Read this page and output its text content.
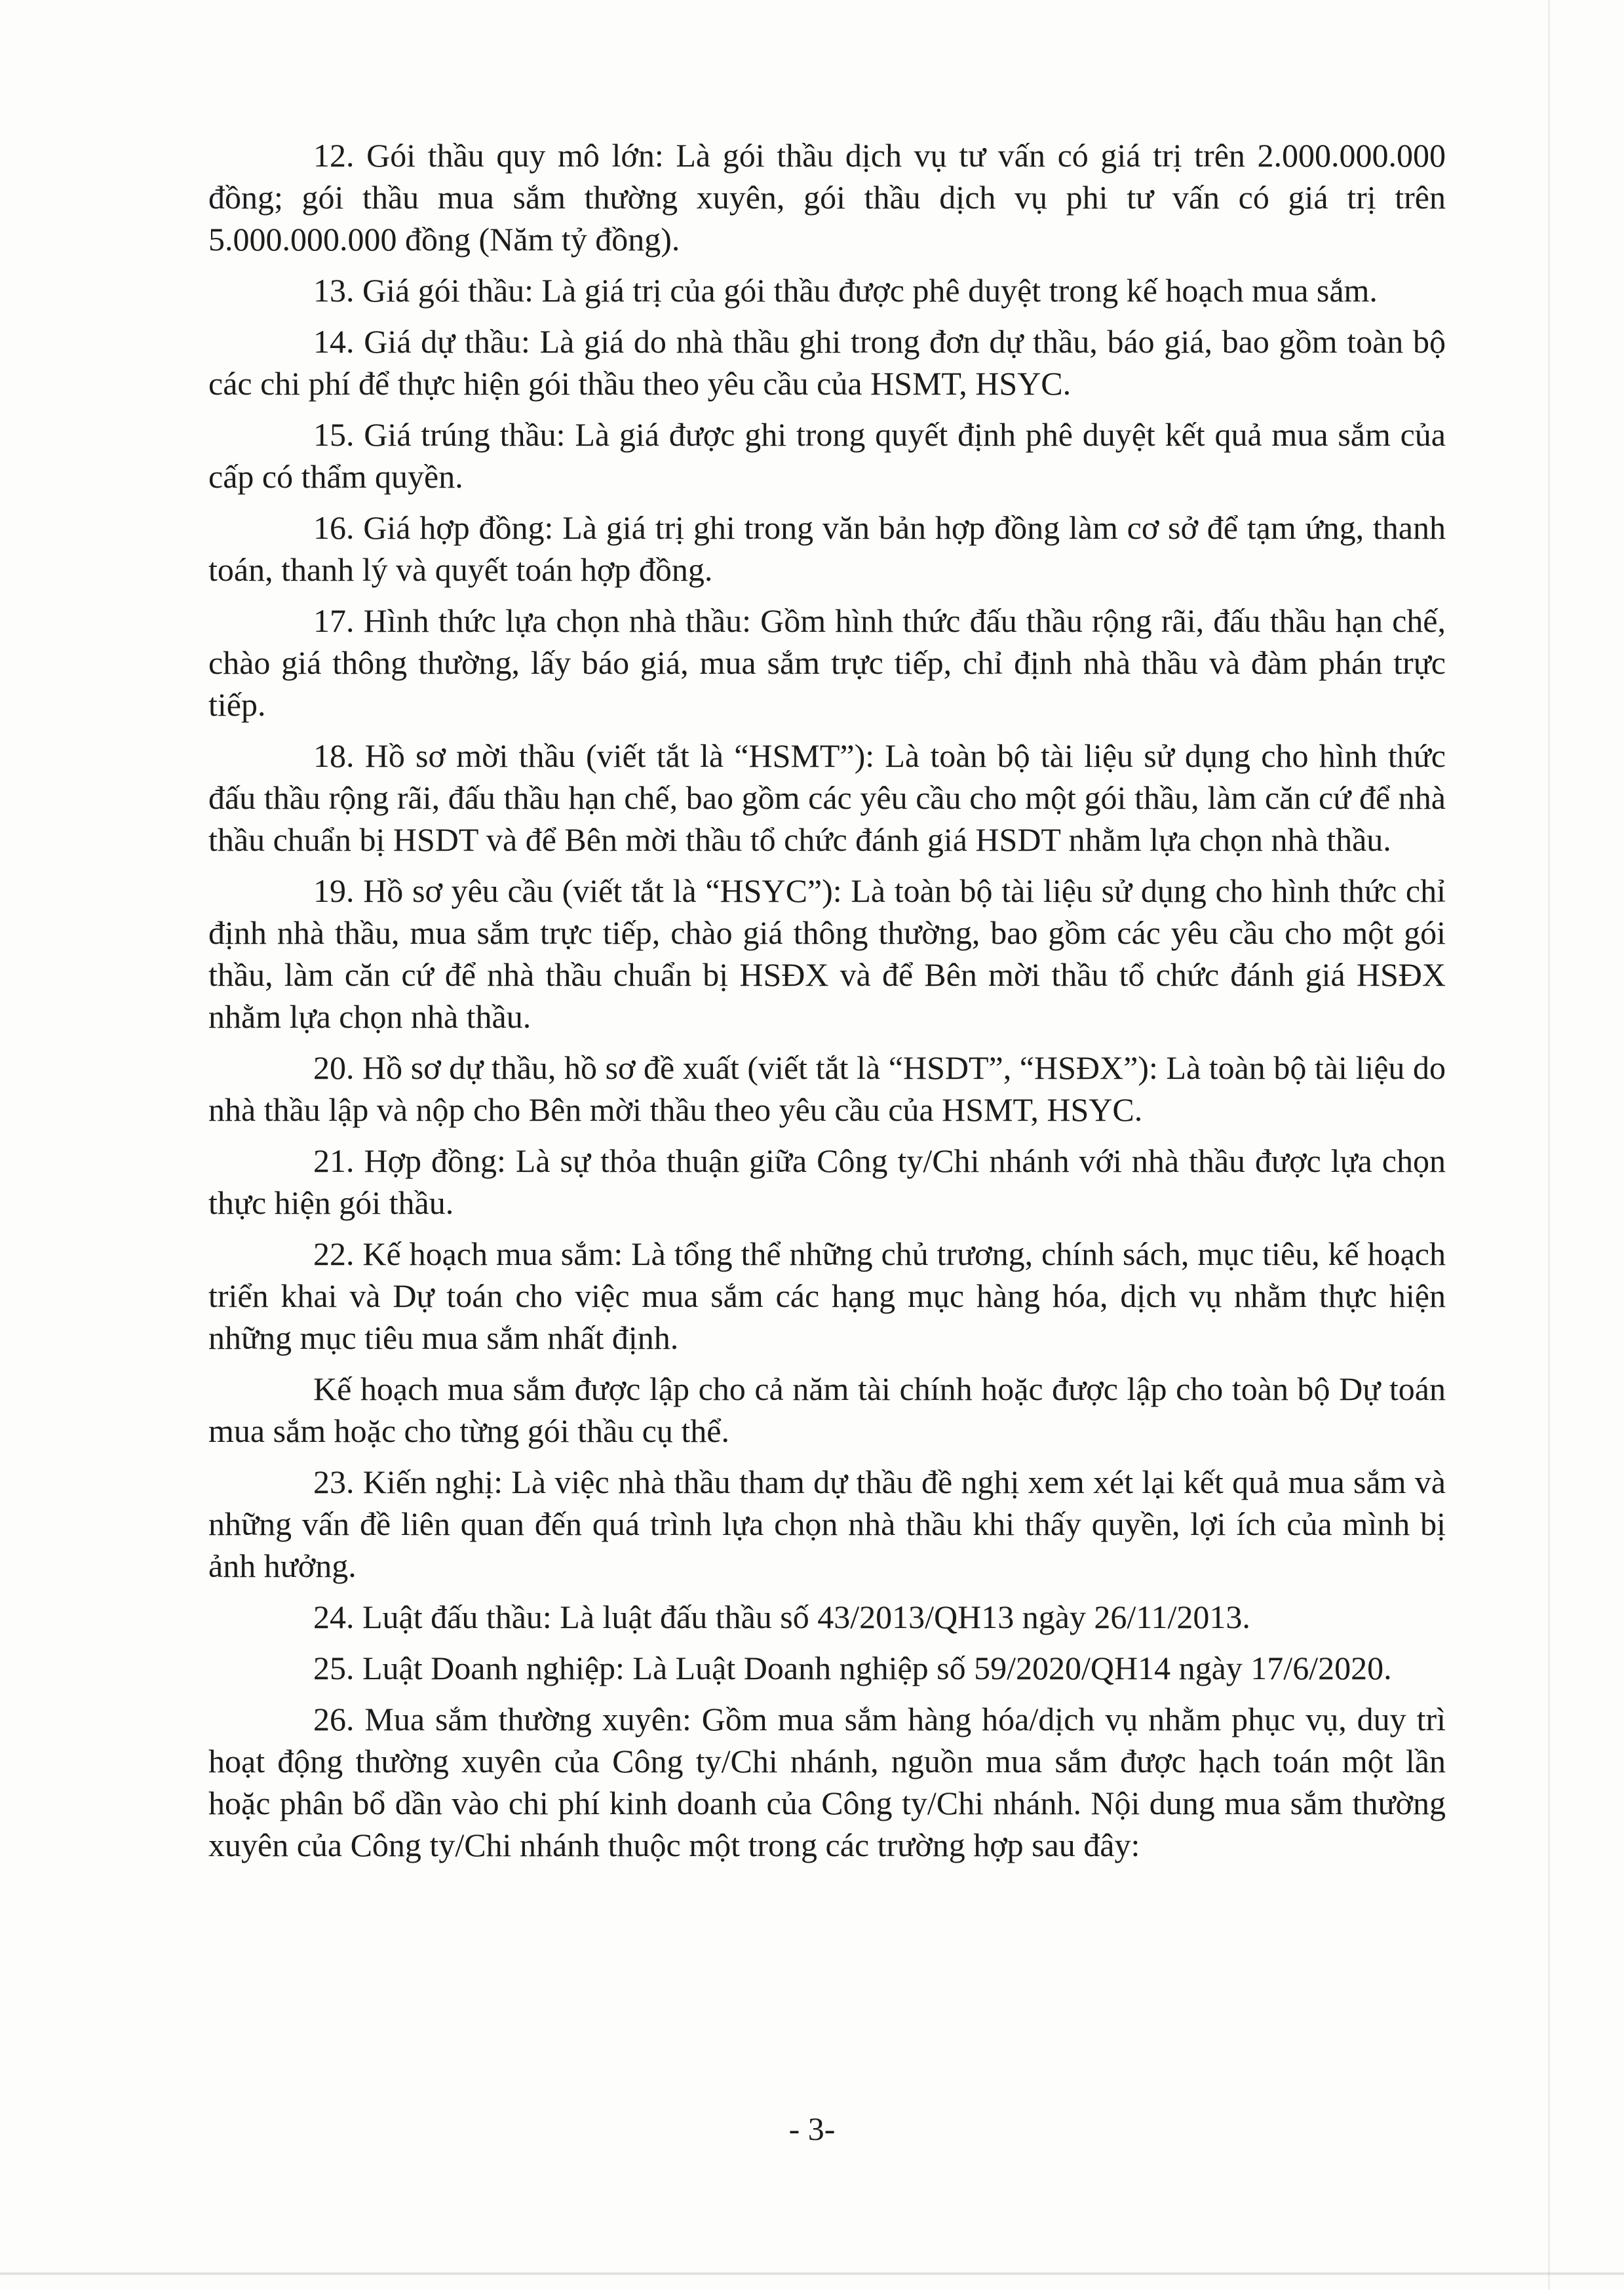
12. Gói thầu quy mô lớn: Là gói thầu dịch vụ tư vấn có giá trị trên 2.000.000.000 đồng; gói thầu mua sắm thường xuyên, gói thầu dịch vụ phi tư vấn có giá trị trên 5.000.000.000 đồng (Năm tỷ đồng).

13. Giá gói thầu: Là giá trị của gói thầu được phê duyệt trong kế hoạch mua sắm.

14. Giá dự thầu: Là giá do nhà thầu ghi trong đơn dự thầu, báo giá, bao gồm toàn bộ các chi phí để thực hiện gói thầu theo yêu cầu của HSMT, HSYC.

15. Giá trúng thầu: Là giá được ghi trong quyết định phê duyệt kết quả mua sắm của cấp có thẩm quyền.

16. Giá hợp đồng: Là giá trị ghi trong văn bản hợp đồng làm cơ sở để tạm ứng, thanh toán, thanh lý và quyết toán hợp đồng.

17. Hình thức lựa chọn nhà thầu: Gồm hình thức đấu thầu rộng rãi, đấu thầu hạn chế, chào giá thông thường, lấy báo giá, mua sắm trực tiếp, chỉ định nhà thầu và đàm phán trực tiếp.

18. Hồ sơ mời thầu (viết tắt là “HSMT”): Là toàn bộ tài liệu sử dụng cho hình thức đấu thầu rộng rãi, đấu thầu hạn chế, bao gồm các yêu cầu cho một gói thầu, làm căn cứ để nhà thầu chuẩn bị HSDT và để Bên mời thầu tổ chức đánh giá HSDT nhằm lựa chọn nhà thầu.

19. Hồ sơ yêu cầu (viết tắt là “HSYC”): Là toàn bộ tài liệu sử dụng cho hình thức chỉ định nhà thầu, mua sắm trực tiếp, chào giá thông thường, bao gồm các yêu cầu cho một gói thầu, làm căn cứ để nhà thầu chuẩn bị HSĐX và để Bên mời thầu tổ chức đánh giá HSĐX nhằm lựa chọn nhà thầu.

20. Hồ sơ dự thầu, hồ sơ đề xuất (viết tắt là “HSDT”, “HSĐX”): Là toàn bộ tài liệu do nhà thầu lập và nộp cho Bên mời thầu theo yêu cầu của HSMT, HSYC.

21. Hợp đồng: Là sự thỏa thuận giữa Công ty/Chi nhánh với nhà thầu được lựa chọn thực hiện gói thầu.

22. Kế hoạch mua sắm: Là tổng thể những chủ trương, chính sách, mục tiêu, kế hoạch triển khai và Dự toán cho việc mua sắm các hạng mục hàng hóa, dịch vụ nhằm thực hiện những mục tiêu mua sắm nhất định.

Kế hoạch mua sắm được lập cho cả năm tài chính hoặc được lập cho toàn bộ Dự toán mua sắm hoặc cho từng gói thầu cụ thể.

23. Kiến nghị: Là việc nhà thầu tham dự thầu đề nghị xem xét lại kết quả mua sắm và những vấn đề liên quan đến quá trình lựa chọn nhà thầu khi thấy quyền, lợi ích của mình bị ảnh hưởng.

24. Luật đấu thầu: Là luật đấu thầu số 43/2013/QH13 ngày 26/11/2013.

25. Luật Doanh nghiệp: Là Luật Doanh nghiệp số 59/2020/QH14 ngày 17/6/2020.

26. Mua sắm thường xuyên: Gồm mua sắm hàng hóa/dịch vụ nhằm phục vụ, duy trì hoạt động thường xuyên của Công ty/Chi nhánh, nguồn mua sắm được hạch toán một lần hoặc phân bổ dần vào chi phí kinh doanh của Công ty/Chi nhánh. Nội dung mua sắm thường xuyên của Công ty/Chi nhánh thuộc một trong các trường hợp sau đây:

- 3-
